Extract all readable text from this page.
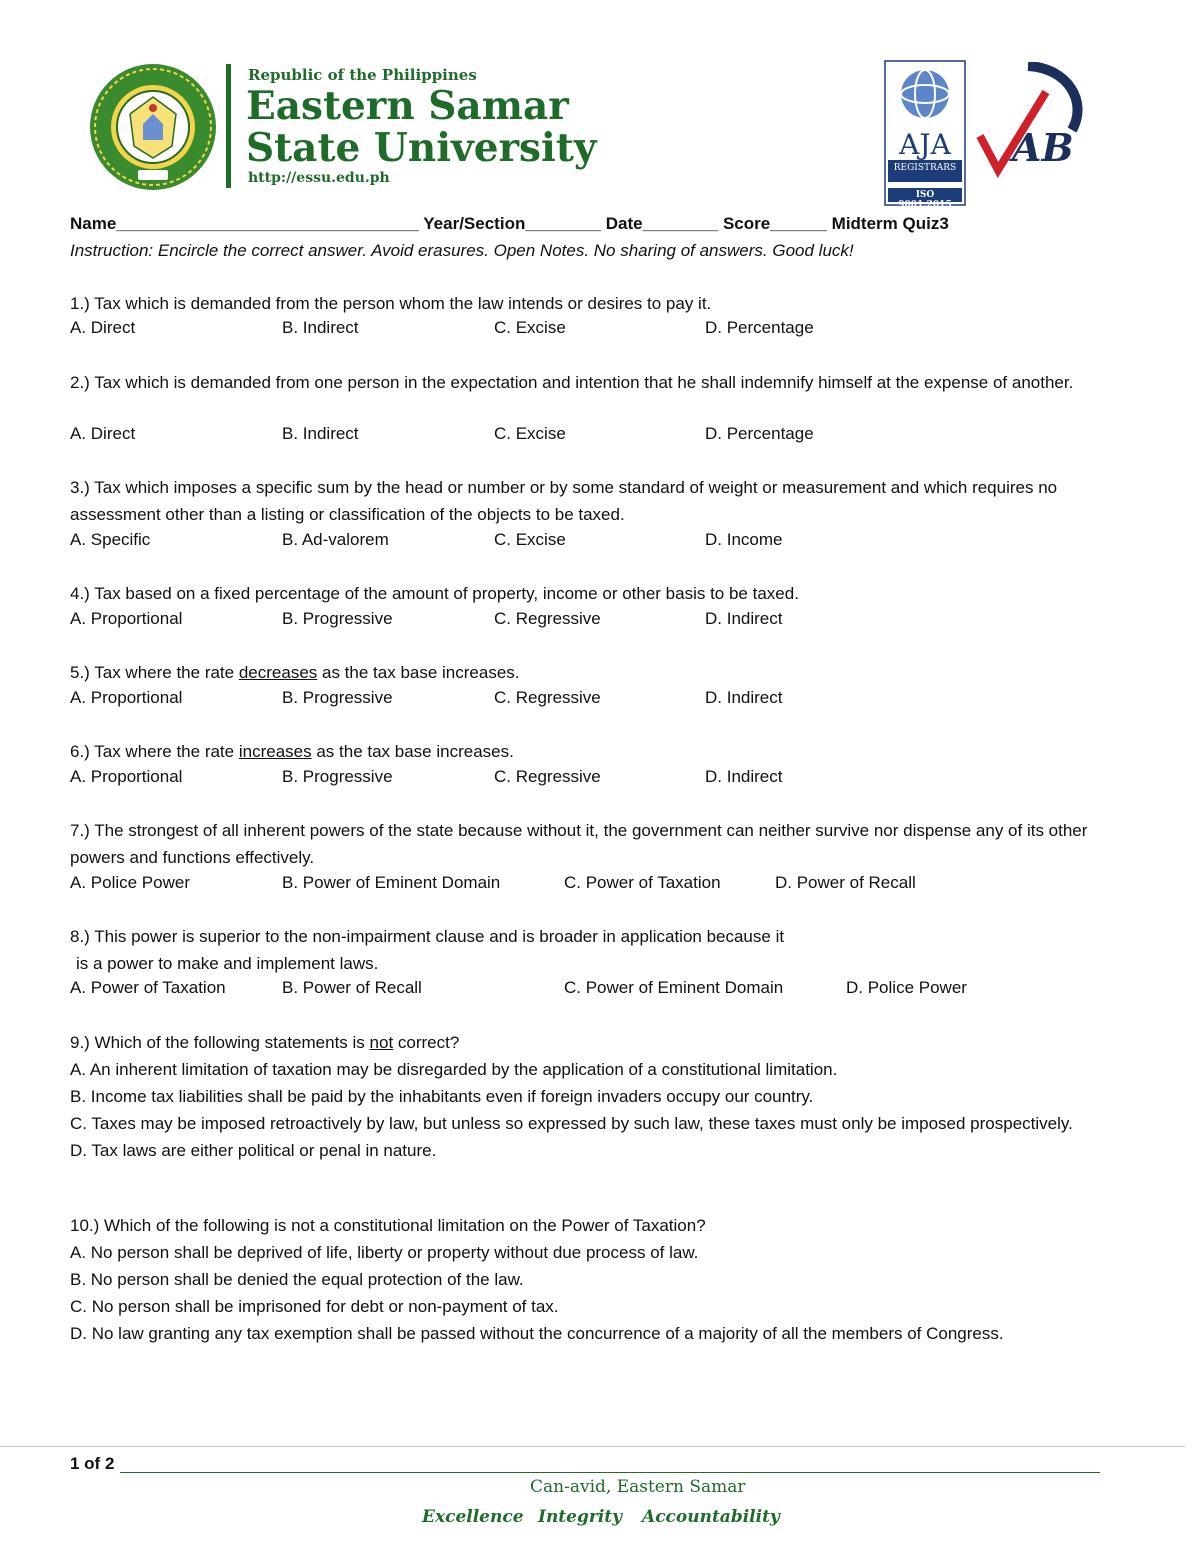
Republic of the Philippines
Eastern Samar
State University
http://essu.edu.ph
AJA
REGISTRARS
ISO 9001:2015
AB
Name________________________________ Year/Section________ Date________ Score______ Midterm Quiz3
Instruction: Encircle the correct answer. Avoid erasures. Open Notes. No sharing of answers. Good luck!
1.) Tax which is demanded from the person whom the law intends or desires to pay it.
A. Direct	B. Indirect	C. Excise	D. Percentage
2.) Tax which is demanded from one person in the expectation and intention that he shall indemnify himself at the expense of another.
A. Direct	B. Indirect	C. Excise	D. Percentage
3.) Tax which imposes a specific sum by the head or number or by some standard of weight or measurement and which requires no assessment other than a listing or classification of the objects to be taxed.
A. Specific	B. Ad-valorem	C. Excise	D. Income
4.) Tax based on a fixed percentage of the amount of property, income or other basis to be taxed.
A. Proportional	B. Progressive	C. Regressive	D. Indirect
5.) Tax where the rate decreases as the tax base increases.
A. Proportional	B. Progressive	C. Regressive	D. Indirect
6.) Tax where the rate increases as the tax base increases.
A. Proportional	B. Progressive	C. Regressive	D. Indirect
7.) The strongest of all inherent powers of the state because without it, the government can neither survive nor dispense any of its other powers and functions effectively.
A. Police Power	B. Power of Eminent Domain	C. Power of Taxation	D. Power of Recall
8.) This power is superior to the non-impairment clause and is broader in application because it
is a power to make and implement laws.
A. Power of Taxation	B. Power of Recall	C. Power of Eminent Domain	D. Police Power
9.) Which of the following statements is not correct?
A. An inherent limitation of taxation may be disregarded by the application of a constitutional limitation.
B. Income tax liabilities shall be paid by the inhabitants even if foreign invaders occupy our country.
C. Taxes may be imposed retroactively by law, but unless so expressed by such law, these taxes must only be imposed prospectively.
D. Tax laws are either political or penal in nature.
10.) Which of the following is not a constitutional limitation on the Power of Taxation?
A. No person shall be deprived of life, liberty or property without due process of law.
B. No person shall be denied the equal protection of the law.
C. No person shall be imprisoned for debt or non-payment of tax.
D. No law granting any tax exemption shall be passed without the concurrence of a majority of all the members of Congress.
1 of 2
Can-avid, Eastern Samar
Excellence Integrity Accountability
